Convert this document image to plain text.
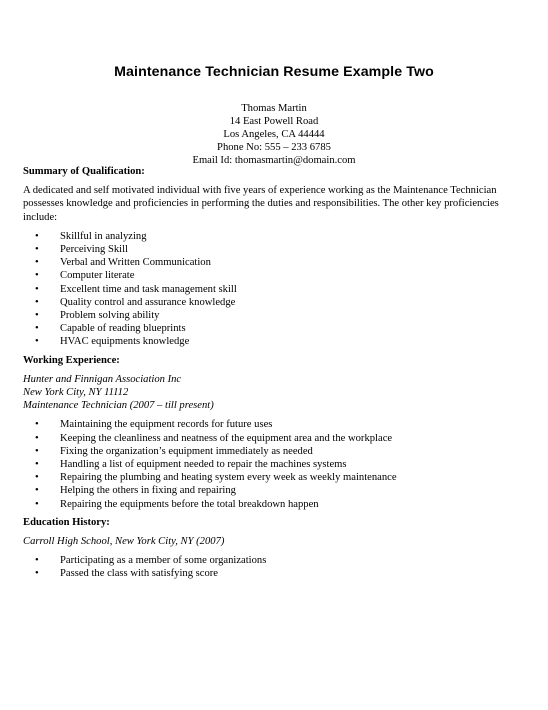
Maintenance Technician Resume Example Two
Thomas Martin
14 East Powell Road
Los Angeles, CA 44444
Phone No: 555 – 233 6785
Email Id: thomasmartin@domain.com

Summary of Qualification:

A dedicated and self motivated individual with five years of experience working as the Maintenance Technician possesses knowledge and proficiencies in performing the duties and responsibilities. The other key proficiencies include:

• Skillful in analyzing
• Perceiving Skill
• Verbal and Written Communication
• Computer literate
• Excellent time and task management skill
• Quality control and assurance knowledge
• Problem solving ability
• Capable of reading blueprints
• HVAC equipments knowledge

Working Experience:

Hunter and Finnigan Association Inc
New York City, NY 11112
Maintenance Technician (2007 – till present)
• Maintaining the equipment records for future uses
• Keeping the cleanliness and neatness of the equipment area and the workplace
• Fixing the organization’s equipment immediately as needed
• Handling a list of equipment needed to repair the machines systems
• Repairing the plumbing and heating system every week as weekly maintenance
• Helping the others in fixing and repairing
• Repairing the equipments before the total breakdown happen

Education History:

Carroll High School, New York City, NY (2007)
• Participating as a member of some organizations
• Passed the class with satisfying score
